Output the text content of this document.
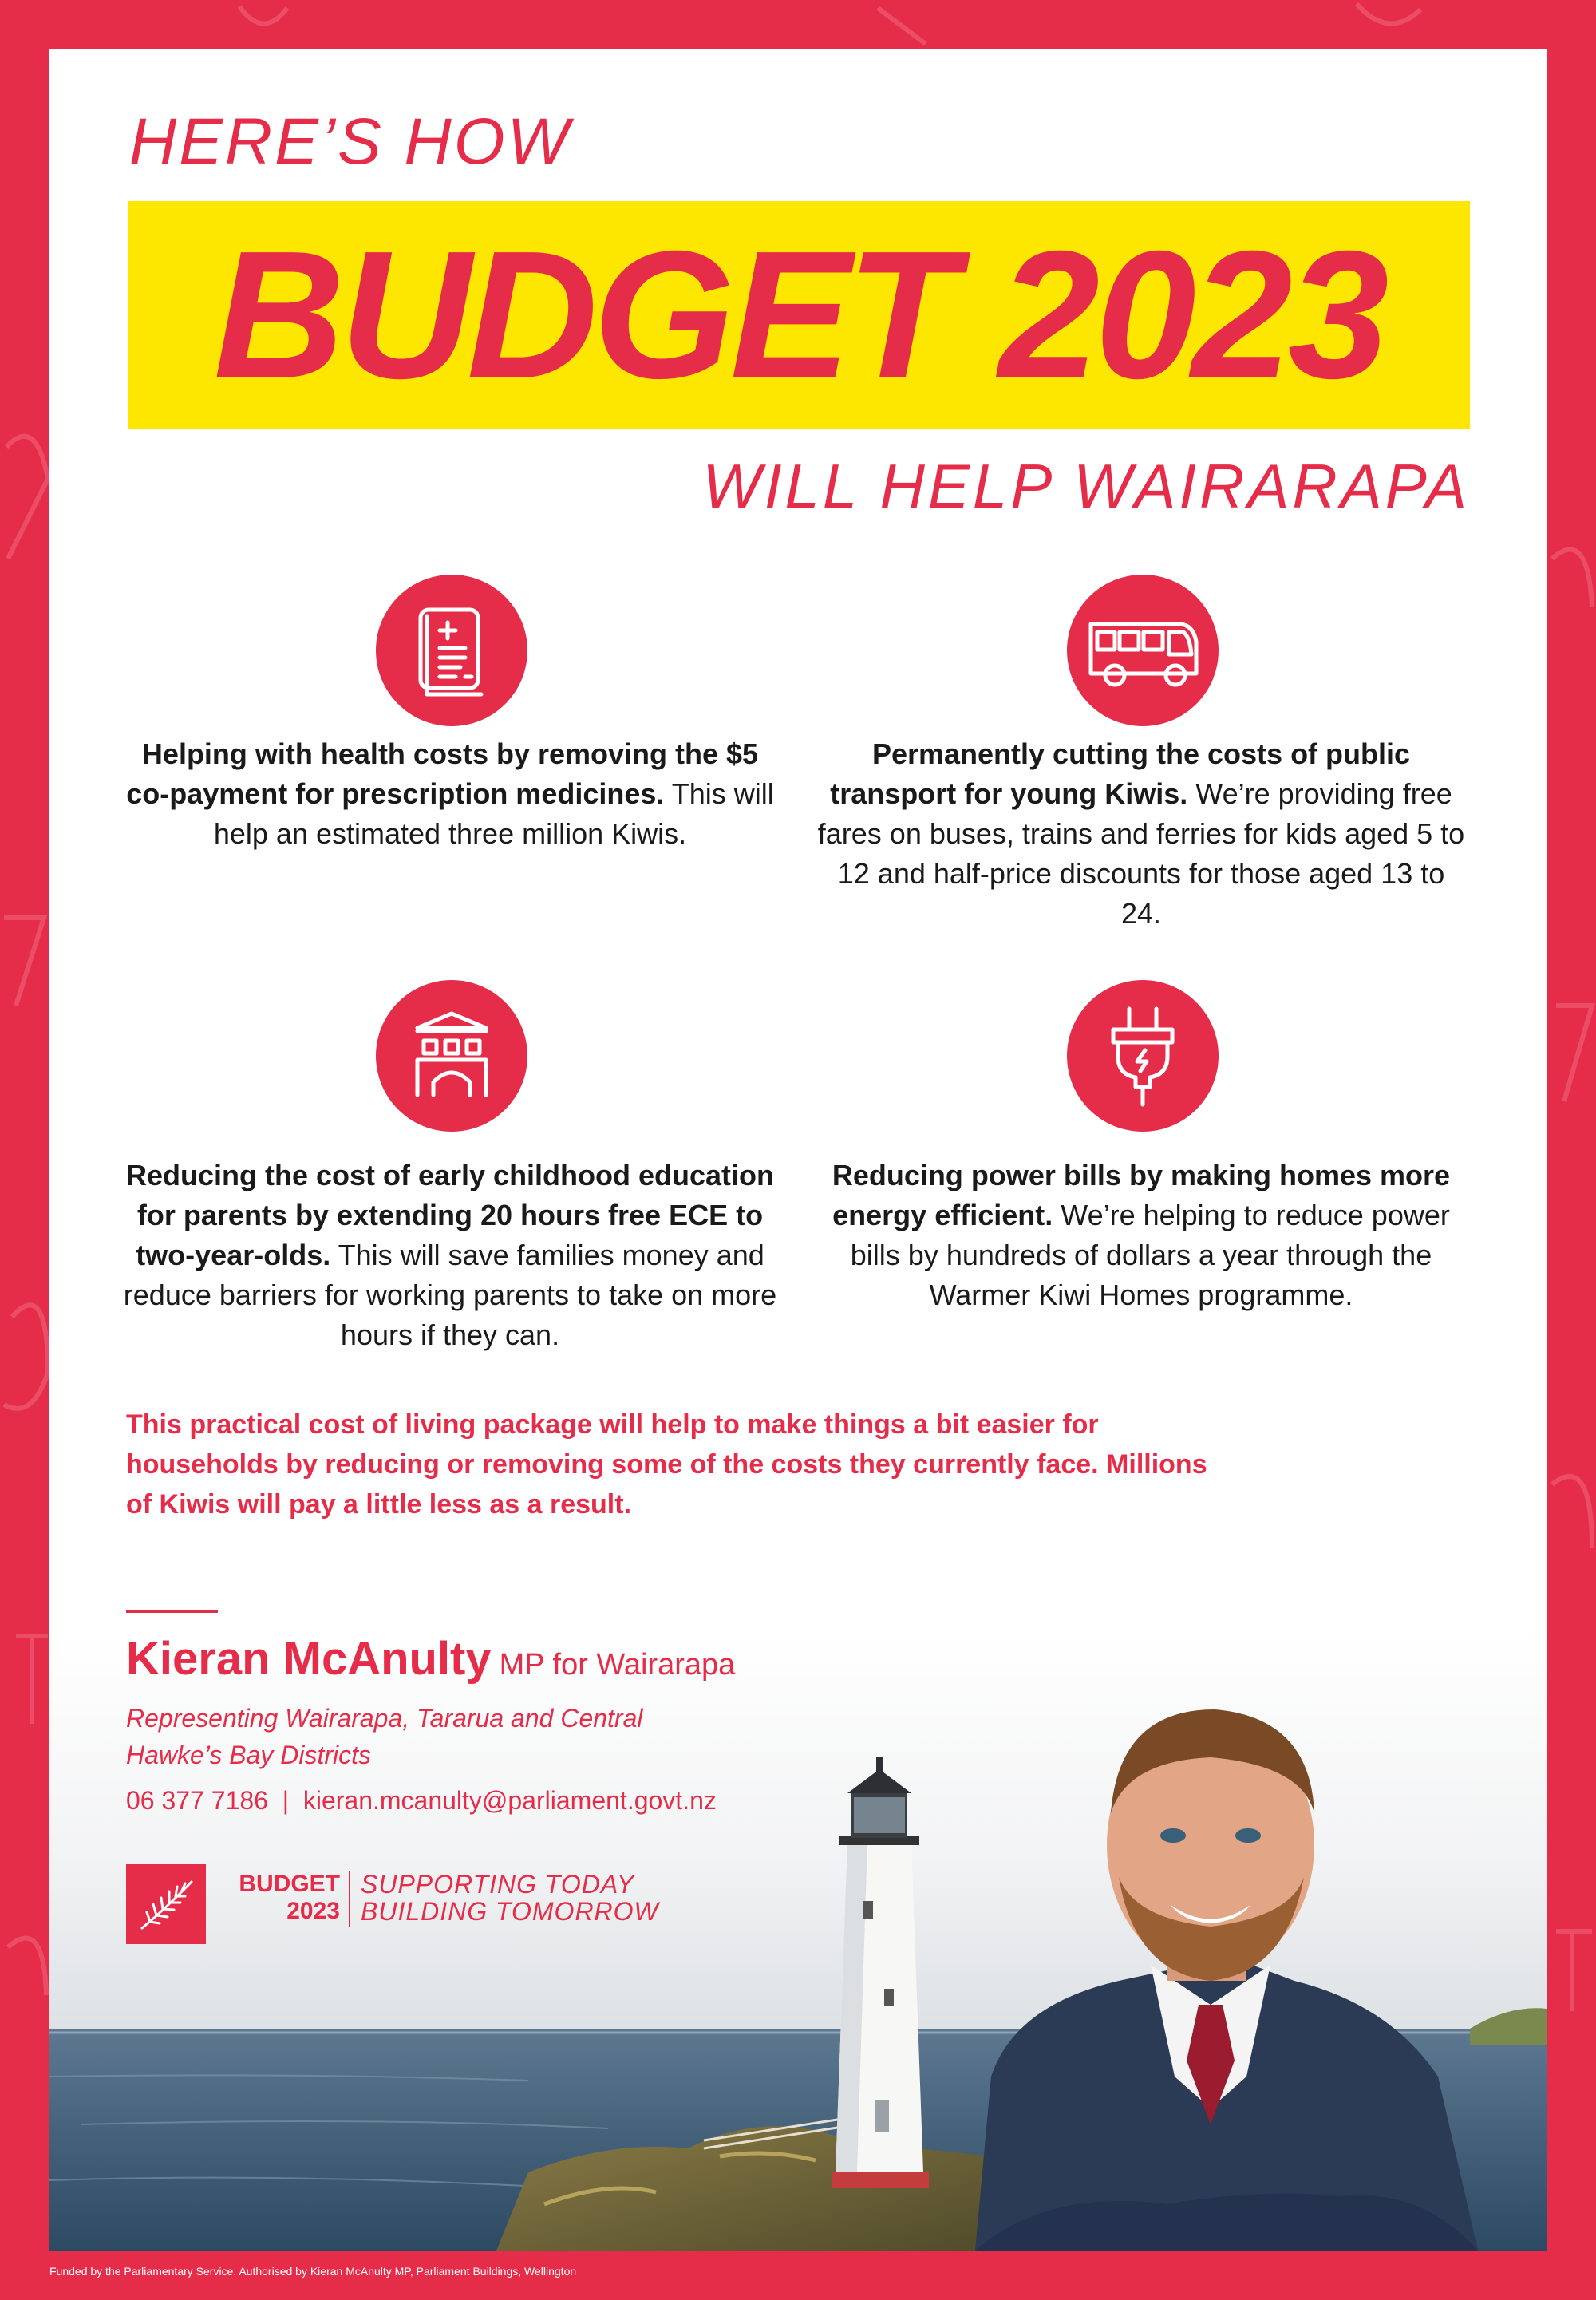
HERE’S HOW
BUDGET 2023
WILL HELP WAIRARAPA
Helping with health costs by removing the $5 co-payment for prescription medicines. This will help an estimated three million Kiwis.
Permanently cutting the costs of public transport for young Kiwis. We’re providing free fares on buses, trains and ferries for kids aged 5 to 12 and half-price discounts for those aged 13 to 24.
Reducing the cost of early childhood education for parents by extending 20 hours free ECE to two-year-olds. This will save families money and reduce barriers for working parents to take on more hours if they can.
Reducing power bills by making homes more energy efficient. We’re helping to reduce power bills by hundreds of dollars a year through the Warmer Kiwi Homes programme.
This practical cost of living package will help to make things a bit easier for households by reducing or removing some of the costs they currently face. Millions of Kiwis will pay a little less as a result.
Kieran McAnulty MP for Wairarapa
Representing Wairarapa, Tararua and Central Hawke’s Bay Districts
06 377 7186 | kieran.mcanulty@parliament.govt.nz
BUDGET
2023
SUPPORTING TODAY
BUILDING TOMORROW
Funded by the Parliamentary Service. Authorised by Kieran McAnulty MP, Parliament Buildings, Wellington
